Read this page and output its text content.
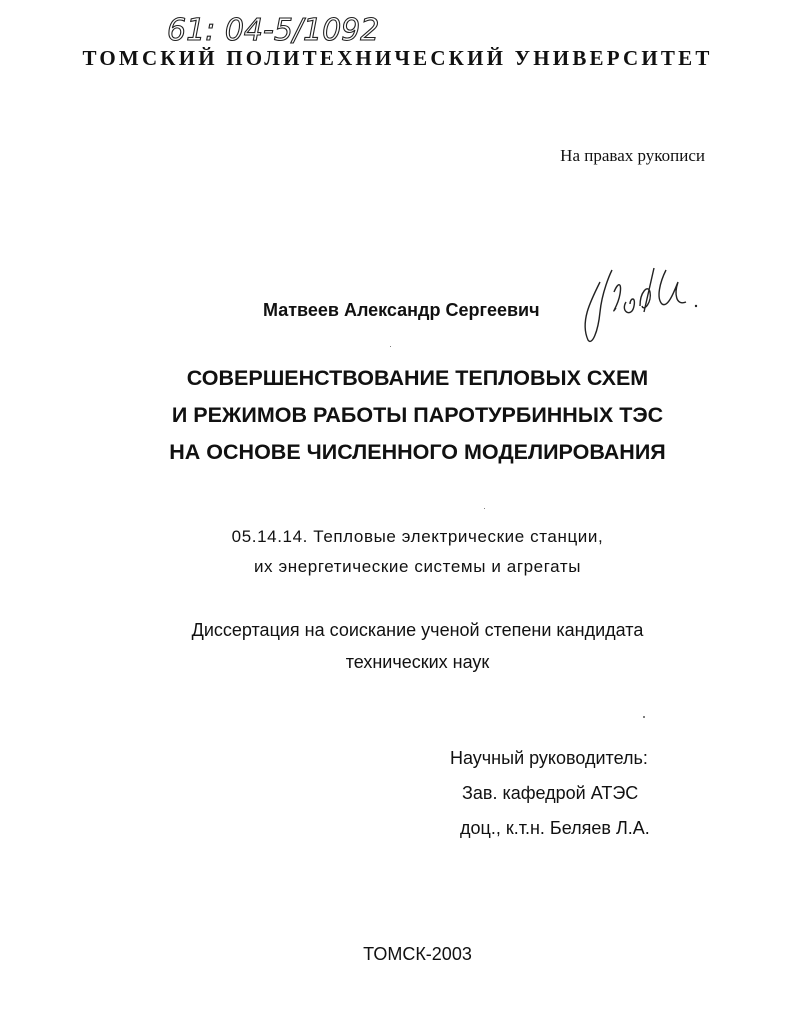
61: 04-5/1092
ТОМСКИЙ ПОЛИТЕХНИЧЕСКИЙ УНИВЕРСИТЕТ
На правах рукописи
Матвеев Александр Сергеевич
СОВЕРШЕНСТВОВАНИЕ ТЕПЛОВЫХ СХЕМ
И РЕЖИМОВ РАБОТЫ ПАРОТУРБИННЫХ ТЭС
НА ОСНОВЕ ЧИСЛЕННОГО МОДЕЛИРОВАНИЯ
05.14.14. Тепловые электрические станции,
их энергетические системы и агрегаты
Диссертация на соискание ученой степени кандидата
технических наук
Научный руководитель:
Зав. кафедрой АТЭС
доц., к.т.н. Беляев Л.А.
ТОМСК-2003
